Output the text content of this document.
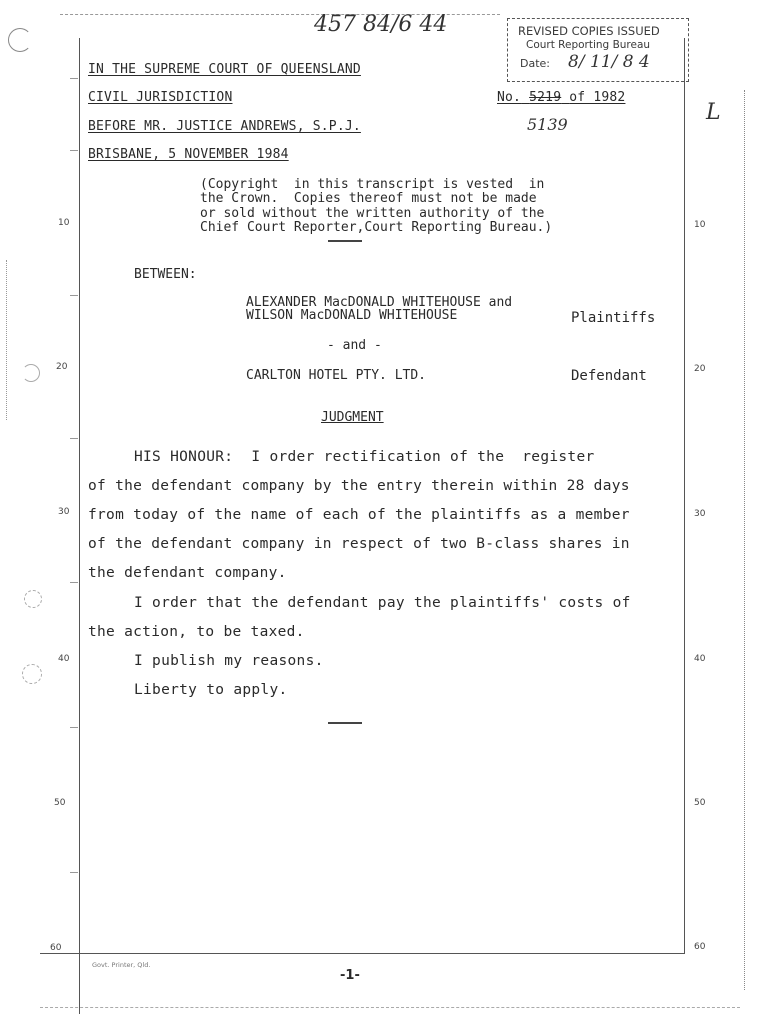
457 84/6 44
5139	L
REVISED COPIES ISSUED
Court Reporting Bureau
Date: 8/ 11/ 8 4
IN THE SUPREME COURT OF QUEENSLAND
CIVIL JURISDICTION	No. 5219 of 1982
BEFORE MR. JUSTICE ANDREWS, S.P.J.
BRISBANE, 5 NOVEMBER 1984
(Copyright  in this transcript is vested  in
the Crown.  Copies thereof must not be made
or sold without the written authority of the
Chief Court Reporter,Court Reporting Bureau.)
BETWEEN:
ALEXANDER MacDONALD WHITEHOUSE and
WILSON MacDONALD WHITEHOUSE	Plaintiffs
- and -
CARLTON HOTEL PTY. LTD.	Defendant
JUDGMENT
HIS HONOUR:  I order rectification of the  register
of the defendant company by the entry therein within 28 days
from today of the name of each of the plaintiffs as a member
of the defendant company in respect of two B-class shares in
the defendant company.
I order that the defendant pay the plaintiffs' costs of
the action, to be taxed.
I publish my reasons.
Liberty to apply.
10
20
30
40
50
60
10
20
30
40
50
60
Govt. Printer, Qld.
-1-
